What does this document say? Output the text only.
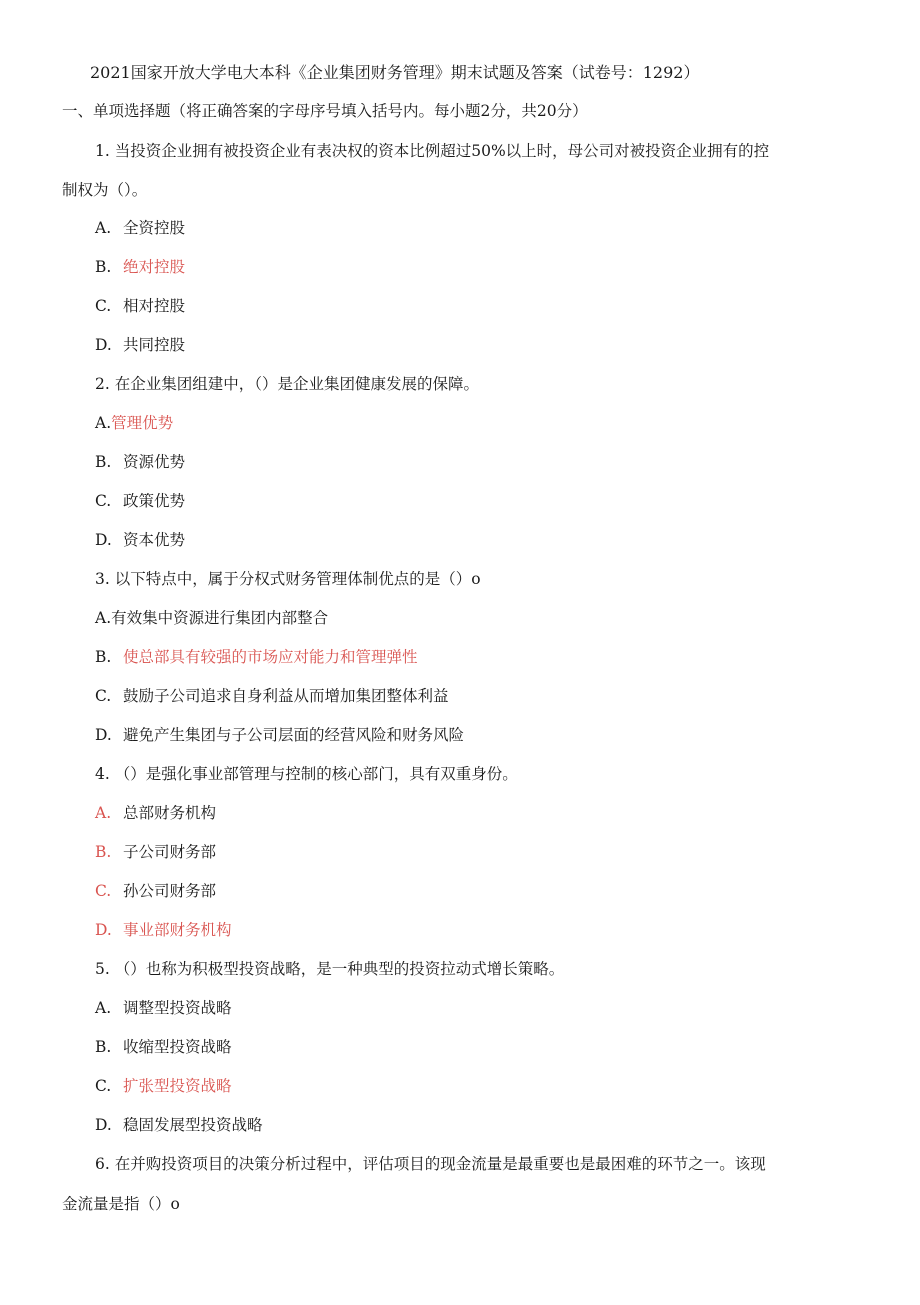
2021国家开放大学电大本科《企业集团财务管理》期末试题及答案（试卷号：1292）
一、单项选择题（将正确答案的字母序号填入括号内。每小题2分，共20分）
1. 当投资企业拥有被投资企业有表决权的资本比例超过50%以上时，母公司对被投资企业拥有的控
制权为（）。
A. 全资控股
B. 绝对控股
C. 相对控股
D. 共同控股
2. 在企业集团组建中，（）是企业集团健康发展的保障。
A.管理优势
B. 资源优势
C. 政策优势
D. 资本优势
3. 以下特点中，属于分权式财务管理体制优点的是（）o
A.有效集中资源进行集团内部整合
B. 使总部具有较强的市场应对能力和管理弹性
C. 鼓励子公司追求自身利益从而增加集团整体利益
D. 避免产生集团与子公司层面的经营风险和财务风险
4. （）是强化事业部管理与控制的核心部门，具有双重身份。
A. 总部财务机构
B. 子公司财务部
C. 孙公司财务部
D. 事业部财务机构
5. （）也称为积极型投资战略，是一种典型的投资拉动式增长策略。
A. 调整型投资战略
B. 收缩型投资战略
C. 扩张型投资战略
D. 稳固发展型投资战略
6. 在并购投资项目的决策分析过程中，评估项目的现金流量是最重要也是最困难的环节之一。该现
金流量是指（）o
